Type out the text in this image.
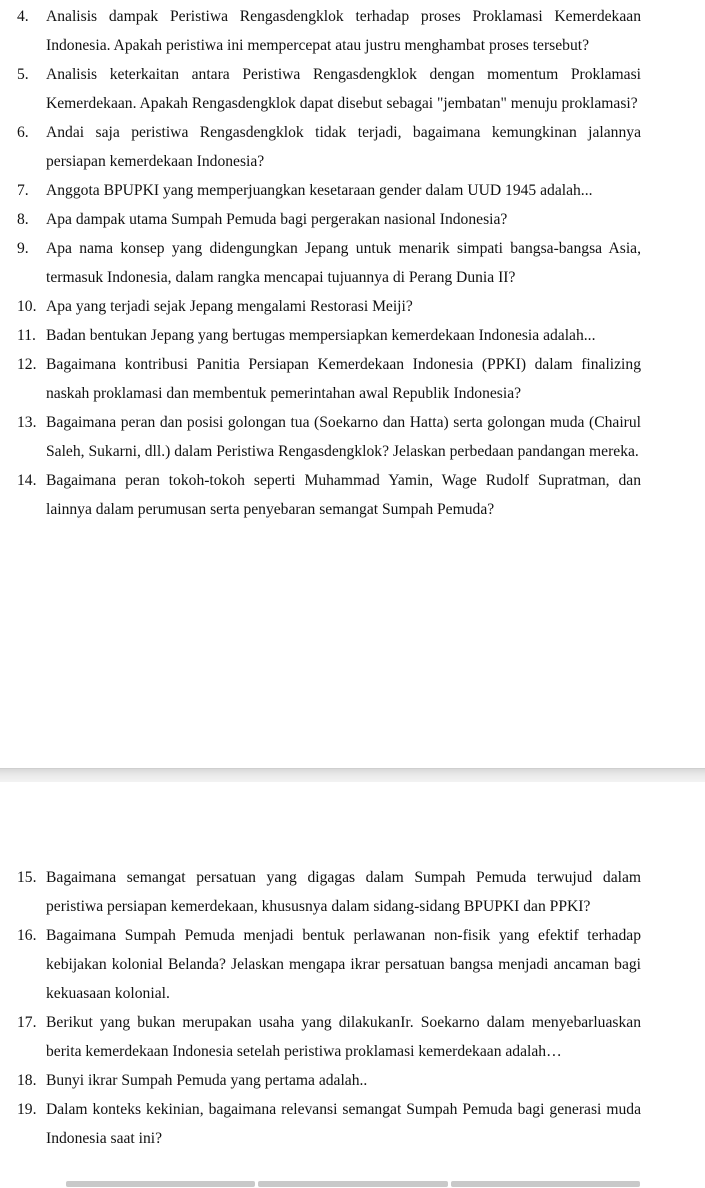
4. Analisis dampak Peristiwa Rengasdengklok terhadap proses Proklamasi Kemerdekaan Indonesia. Apakah peristiwa ini mempercepat atau justru menghambat proses tersebut?
5. Analisis keterkaitan antara Peristiwa Rengasdengklok dengan momentum Proklamasi Kemerdekaan. Apakah Rengasdengklok dapat disebut sebagai "jembatan" menuju proklamasi?
6. Andai saja peristiwa Rengasdengklok tidak terjadi, bagaimana kemungkinan jalannya persiapan kemerdekaan Indonesia?
7. Anggota BPUPKI yang memperjuangkan kesetaraan gender dalam UUD 1945 adalah...
8. Apa dampak utama Sumpah Pemuda bagi pergerakan nasional Indonesia?
9. Apa nama konsep yang didengungkan Jepang untuk menarik simpati bangsa-bangsa Asia, termasuk Indonesia, dalam rangka mencapai tujuannya di Perang Dunia II?
10. Apa yang terjadi sejak Jepang mengalami Restorasi Meiji?
11. Badan bentukan Jepang yang bertugas mempersiapkan kemerdekaan Indonesia adalah...
12. Bagaimana kontribusi Panitia Persiapan Kemerdekaan Indonesia (PPKI) dalam finalizing naskah proklamasi dan membentuk pemerintahan awal Republik Indonesia?
13. Bagaimana peran dan posisi golongan tua (Soekarno dan Hatta) serta golongan muda (Chairul Saleh, Sukarni, dll.) dalam Peristiwa Rengasdengklok? Jelaskan perbedaan pandangan mereka.
14. Bagaimana peran tokoh-tokoh seperti Muhammad Yamin, Wage Rudolf Supratman, dan lainnya dalam perumusan serta penyebaran semangat Sumpah Pemuda?
15. Bagaimana semangat persatuan yang digagas dalam Sumpah Pemuda terwujud dalam peristiwa persiapan kemerdekaan, khususnya dalam sidang-sidang BPUPKI dan PPKI?
16. Bagaimana Sumpah Pemuda menjadi bentuk perlawanan non-fisik yang efektif terhadap kebijakan kolonial Belanda? Jelaskan mengapa ikrar persatuan bangsa menjadi ancaman bagi kekuasaan kolonial.
17. Berikut yang bukan merupakan usaha yang dilakukanIr. Soekarno dalam menyebarluaskan berita kemerdekaan Indonesia setelah peristiwa proklamasi kemerdekaan adalah…
18. Bunyi ikrar Sumpah Pemuda yang pertama adalah..
19. Dalam konteks kekinian, bagaimana relevansi semangat Sumpah Pemuda bagi generasi muda Indonesia saat ini?
